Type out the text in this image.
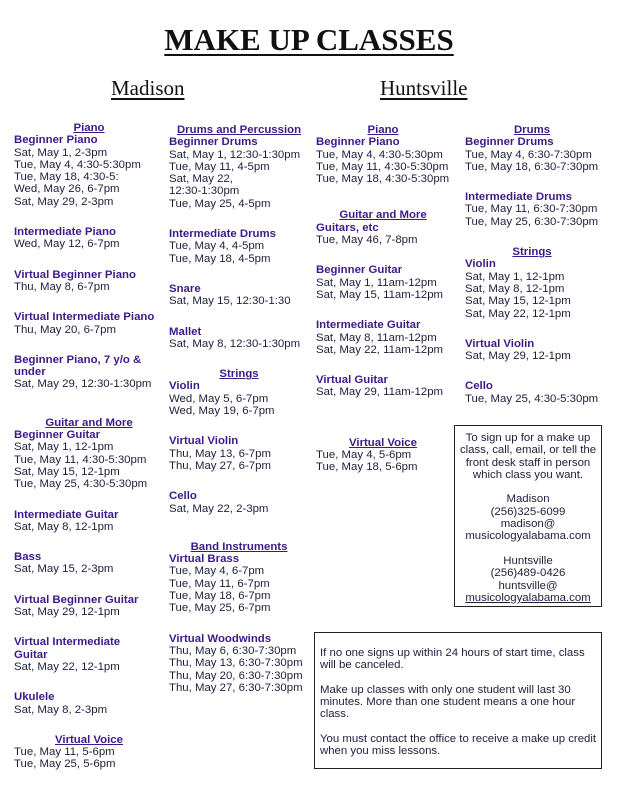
MAKE UP CLASSES
Madison	Huntsville
Piano
Beginner Piano
Sat, May 1, 2-3pm
Tue, May 4, 4:30-5:30pm
Tue, May 18, 4:30-5:
Wed, May 26, 6-7pm
Sat, May 29, 2-3pm
Intermediate Piano
Wed, May 12, 6-7pm
Virtual Beginner Piano
Thu, May 8, 6-7pm
Virtual Intermediate Piano
Thu, May 20, 6-7pm
Beginner Piano, 7 y/o &
under
Sat, May 29, 12:30-1:30pm
Guitar and More
Beginner Guitar
Sat, May 1, 12-1pm
Tue, May 11, 4:30-5:30pm
Sat, May 15, 12-1pm
Tue, May 25, 4:30-5:30pm
Intermediate Guitar
Sat, May 8, 12-1pm
Bass
Sat, May 15, 2-3pm
Virtual Beginner Guitar
Sat, May 29, 12-1pm
Virtual Intermediate
Guitar
Sat, May 22, 12-1pm
Ukulele
Sat, May 8, 2-3pm
Virtual Voice
Tue, May 11, 5-6pm
Tue, May 25, 5-6pm
Drums and Percussion
Beginner Drums
Sat, May 1, 12:30-1:30pm
Tue, May 11, 4-5pm
Sat, May 22,
12:30-1:30pm
Tue, May 25, 4-5pm
Intermediate Drums
Tue, May 4, 4-5pm
Tue, May 18, 4-5pm
Snare
Sat, May 15, 12:30-1:30
Mallet
Sat, May 8, 12:30-1:30pm
Strings
Violin
Wed, May 5, 6-7pm
Wed, May 19, 6-7pm
Virtual Violin
Thu, May 13, 6-7pm
Thu, May 27, 6-7pm
Cello
Sat, May 22, 2-3pm
Band Instruments
Virtual Brass
Tue, May 4, 6-7pm
Tue, May 11, 6-7pm
Tue, May 18, 6-7pm
Tue, May 25, 6-7pm
Virtual Woodwinds
Thu, May 6, 6:30-7:30pm
Thu, May 13, 6:30-7:30pm
Thu, May 20, 6:30-7:30pm
Thu, May 27, 6:30-7:30pm
Piano
Beginner Piano
Tue, May 4, 4:30-5:30pm
Tue, May 11, 4:30-5:30pm
Tue, May 18, 4:30-5:30pm
Guitar and More
Guitars, etc
Tue, May 46, 7-8pm
Beginner Guitar
Sat, May 1, 11am-12pm
Sat, May 15, 11am-12pm
Intermediate Guitar
Sat, May 8, 11am-12pm
Sat, May 22, 11am-12pm
Virtual Guitar
Sat, May 29, 11am-12pm
Virtual Voice
Tue, May 4, 5-6pm
Tue, May 18, 5-6pm
Drums
Beginner Drums
Tue, May 4, 6:30-7:30pm
Tue, May 18, 6:30-7:30pm
Intermediate Drums
Tue, May 11, 6:30-7:30pm
Tue, May 25, 6:30-7:30pm
Strings
Violin
Sat, May 1, 12-1pm
Sat, May 8, 12-1pm
Sat, May 15, 12-1pm
Sat, May 22, 12-1pm
Virtual Violin
Sat, May 29, 12-1pm
Cello
Tue, May 25, 4:30-5:30pm

To sign up for a make up

class, call, email, or tell the

front desk staff in person

which class you want.

Madison

(256)325-6099

madison@

musicologyalabama.com

Huntsville

(256)489-0426

huntsville@

musicologyalabama.com

If no one signs up within 24 hours of start time, class

will be canceled.

Make up classes with only one student will last 30

minutes. More than one student means a one hour

class.

You must contact the office to receive a make up credit

when you miss lessons.
